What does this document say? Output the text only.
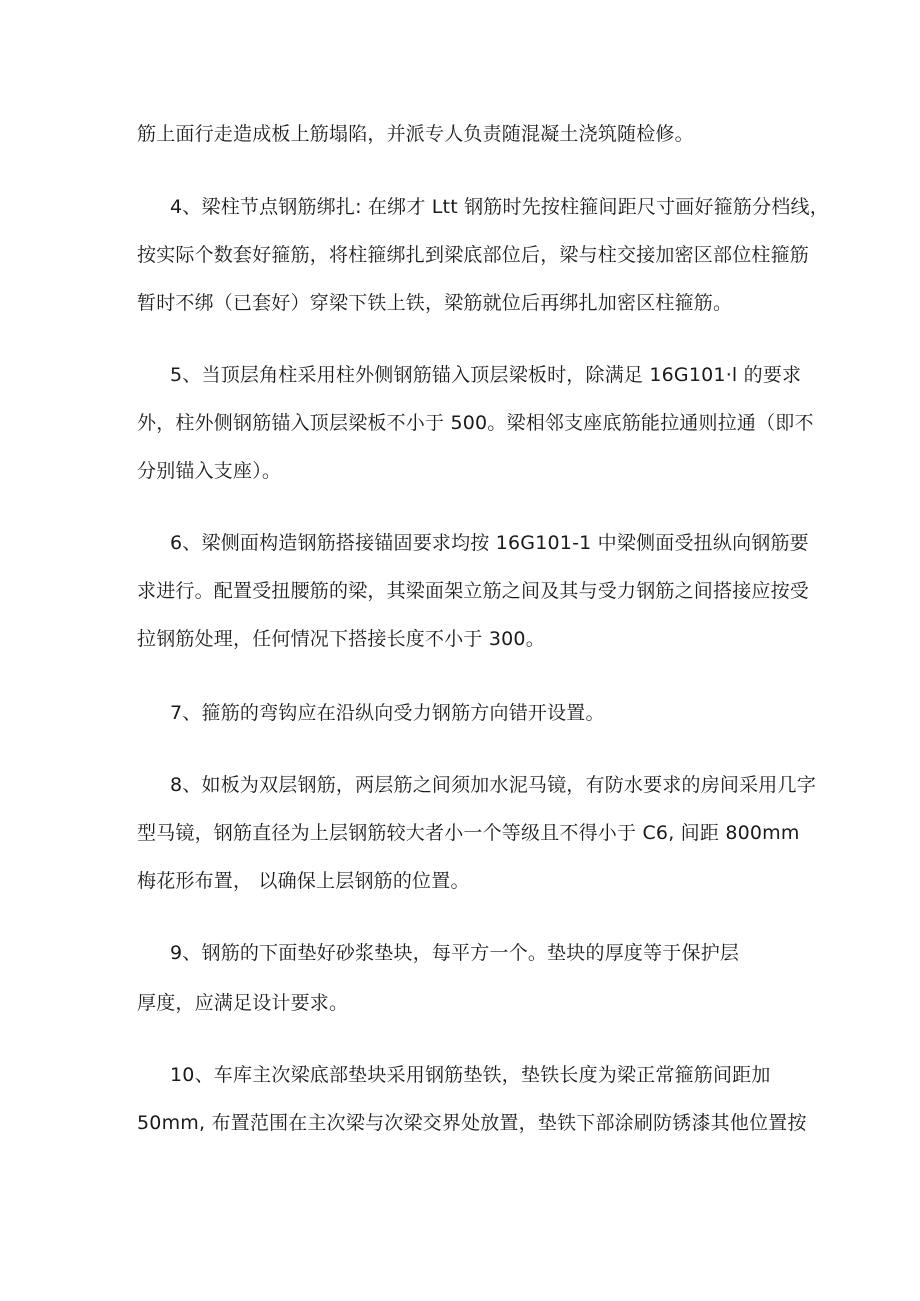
筋上面行走造成板上筋塌陷，并派专人负责随混凝土浇筑随检修。
4、梁柱节点钢筋绑扎: 在绑才 Ltt 钢筋时先按柱箍间距尺寸画好箍筋分档线，
按实际个数套好箍筋，将柱箍绑扎到梁底部位后，梁与柱交接加密区部位柱箍筋
暂时不绑（已套好）穿梁下铁上铁，梁筋就位后再绑扎加密区柱箍筋。
5、当顶层角柱采用柱外侧钢筋锚入顶层梁板时，除满足 16G101·l 的要求
外，柱外侧钢筋锚入顶层梁板不小于 500。梁相邻支座底筋能拉通则拉通（即不
分别锚入支座）。
6、梁侧面构造钢筋搭接锚固要求均按 16G101-1 中梁侧面受扭纵向钢筋要
求进行。配置受扭腰筋的梁，其梁面架立筋之间及其与受力钢筋之间搭接应按受
拉钢筋处理，任何情况下搭接长度不小于 300。
7、箍筋的弯钩应在沿纵向受力钢筋方向错开设置。
8、如板为双层钢筋，两层筋之间须加水泥马镜，有防水要求的房间采用几字
型马镜，钢筋直径为上层钢筋较大者小一个等级且不得小于 C6, 间距 800mm
梅花形布置， 以确保上层钢筋的位置。
9、钢筋的下面垫好砂浆垫块，每平方一个。垫块的厚度等于保护层
厚度，应满足设计要求。
10、车库主次梁底部垫块采用钢筋垫铁，垫铁长度为梁正常箍筋间距加
50mm, 布置范围在主次梁与次梁交界处放置，垫铁下部涂刷防锈漆其他位置按
